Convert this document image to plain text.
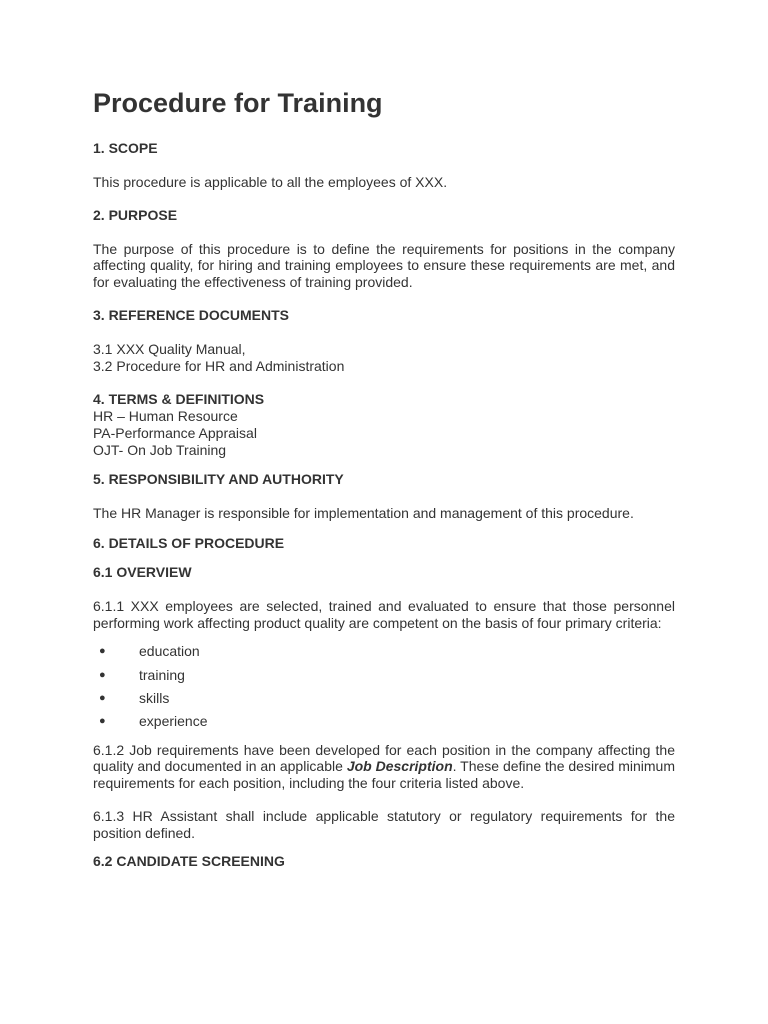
Procedure for Training
1. SCOPE

This procedure is applicable to all the employees of XXX.

2. PURPOSE

The purpose of this procedure is to define the requirements for positions in the company affecting quality, for hiring and training employees to ensure these requirements are met, and for evaluating the effectiveness of training provided.

3. REFERENCE DOCUMENTS
3.1 XXX Quality Manual,
3.2 Procedure for HR and Administration
4. TERMS & DEFINITIONS
HR – Human Resource
PA-Performance Appraisal
OJT- On Job Training
5. RESPONSIBILITY AND AUTHORITY

The HR Manager is responsible for implementation and management of this procedure.

6. DETAILS OF PROCEDURE
6.1 OVERVIEW

6.1.1 XXX employees are selected, trained and evaluated to ensure that those personnel performing work affecting product quality are competent on the basis of four primary criteria:

● education
● training
● skills
● experience

6.1.2 Job requirements have been developed for each position in the company affecting the quality and documented in an applicable Job Description. These define the desired minimum requirements for each position, including the four criteria listed above.

6.1.3 HR Assistant shall include applicable statutory or regulatory requirements for the position defined.

6.2 CANDIDATE SCREENING
